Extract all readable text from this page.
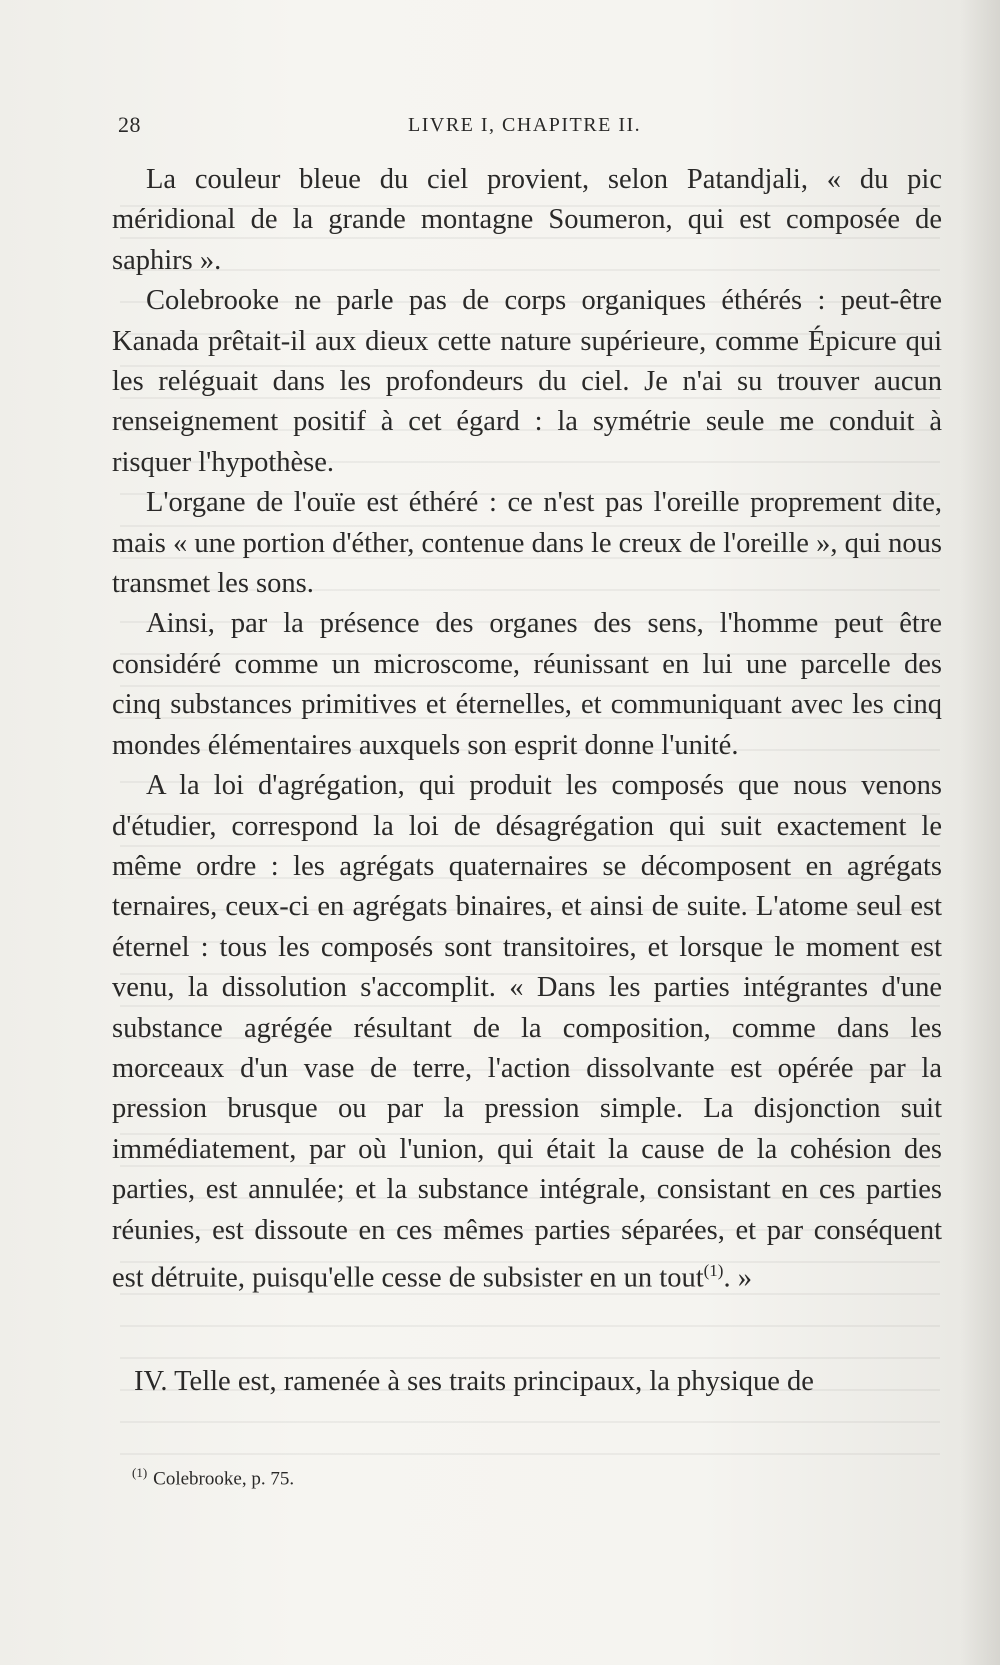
28	LIVRE I, CHAPITRE II.

La couleur bleue du ciel provient, selon Patandjali, « du pic méridional de la grande montagne Soumeron, qui est composée de saphirs ».

Colebrooke ne parle pas de corps organiques éthérés : peut-être Kanada prêtait-il aux dieux cette nature supérieure, comme Épicure qui les reléguait dans les profondeurs du ciel. Je n'ai su trouver aucun renseignement positif à cet égard : la symétrie seule me conduit à risquer l'hypothèse.

L'organe de l'ouïe est éthéré : ce n'est pas l'oreille proprement dite, mais « une portion d'éther, contenue dans le creux de l'oreille », qui nous transmet les sons.

Ainsi, par la présence des organes des sens, l'homme peut être considéré comme un microscome, réunissant en lui une parcelle des cinq substances primitives et éternelles, et communiquant avec les cinq mondes élémentaires auxquels son esprit donne l'unité.

A la loi d'agrégation, qui produit les composés que nous venons d'étudier, correspond la loi de désagrégation qui suit exactement le même ordre : les agrégats quaternaires se décomposent en agrégats ternaires, ceux-ci en agrégats binaires, et ainsi de suite. L'atome seul est éternel : tous les composés sont transitoires, et lorsque le moment est venu, la dissolution s'accomplit. « Dans les parties intégrantes d'une substance agrégée résultant de la composition, comme dans les morceaux d'un vase de terre, l'action dissolvante est opérée par la pression brusque ou par la pression simple. La disjonction suit immédiatement, par où l'union, qui était la cause de la cohésion des parties, est annulée; et la substance intégrale, consistant en ces parties réunies, est dissoute en ces mêmes parties séparées, et par conséquent est détruite, puisqu'elle cesse de subsister en un tout$^{(1)}$. »

IV. Telle est, ramenée à ses traits principaux, la physique de
$^{(1)}$ Colebrooke, p. 75.
